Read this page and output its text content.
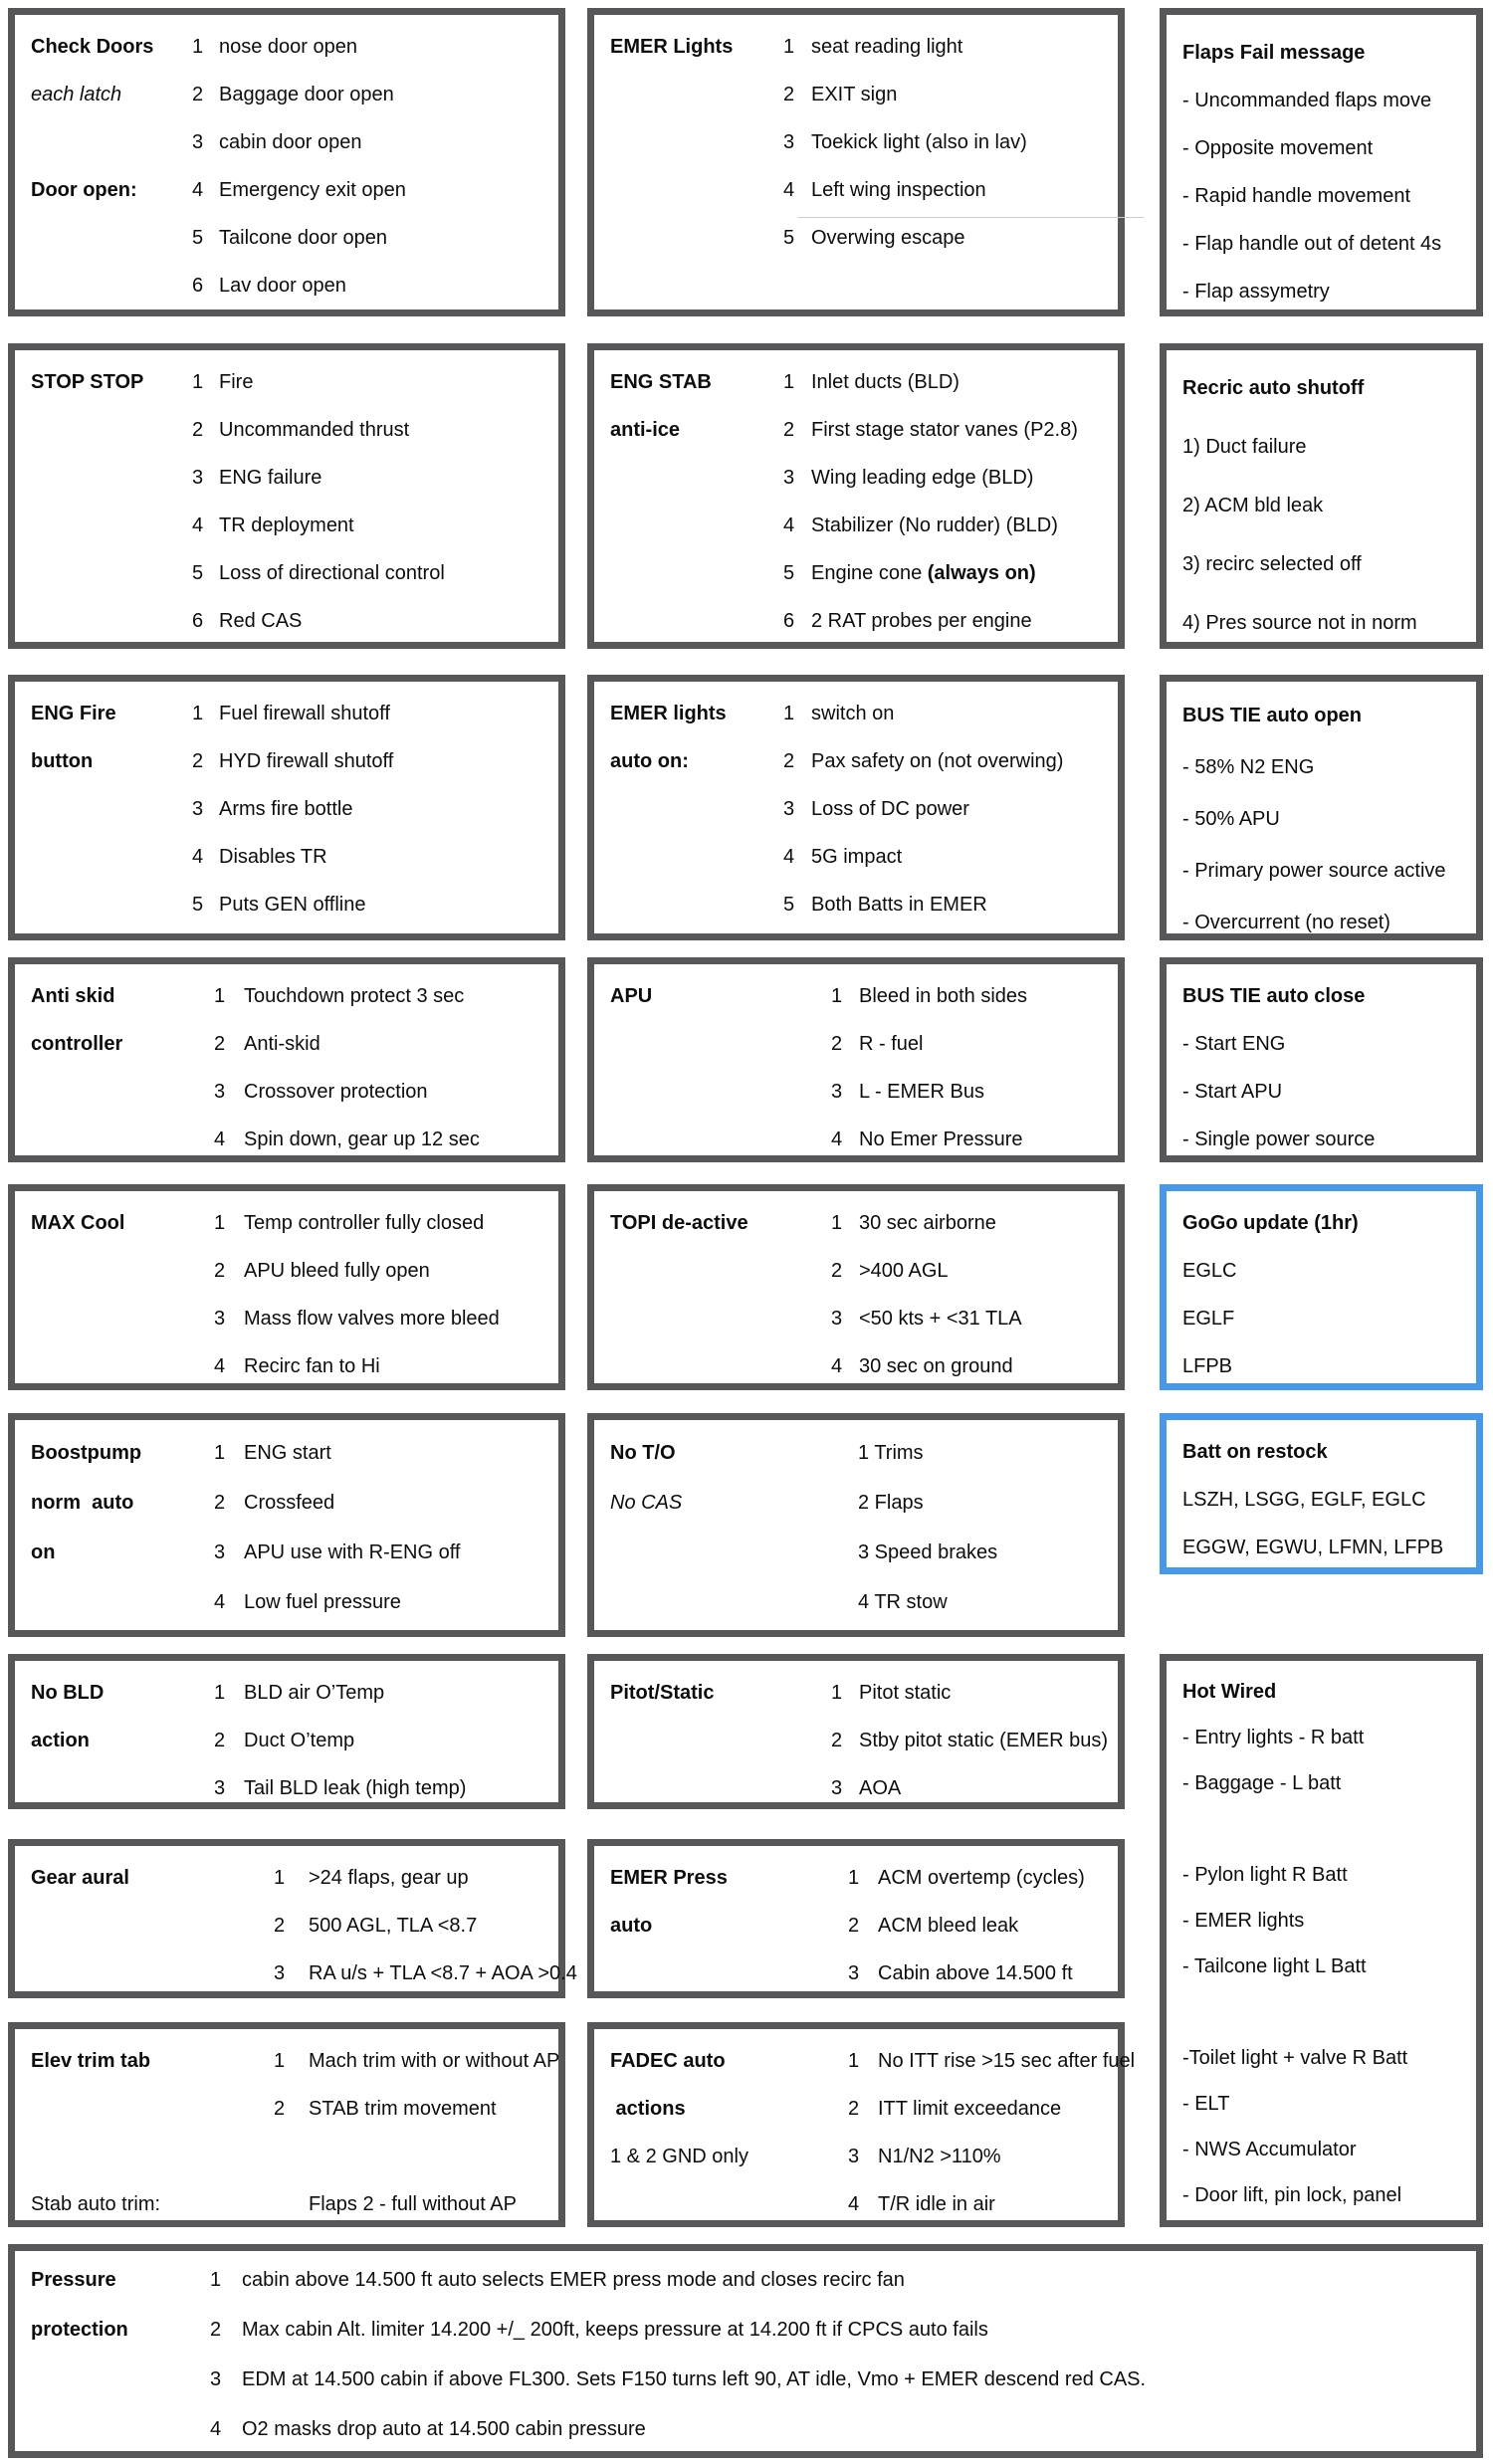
Check Doors 1 nose door open
each latch	2 Baggage door open
3 cabin door open
Door open:	4 Emergency exit open
5 Tailcone door open
6 Lav door open
STOP STOP 1 Fire
2 Uncommanded thrust
3 ENG failure
4 TR deployment
5 Loss of directional control
6 Red CAS
ENG Fire	1 Fuel firewall shutoff
button	2 HYD firewall shutoff
3 Arms fire bottle
4 Disables TR
5 Puts GEN offline
Anti skid	1 Touchdown protect 3 sec
controller	2 Anti-skid
3 Crossover protection
4 Spin down, gear up 12 sec
MAX Cool	1 Temp controller fully closed
2 APU bleed fully open
3 Mass flow valves more bleed
4 Recirc fan to Hi
Boostpump	1 ENG start
norm  auto	2 Crossfeed
on	3 APU use with R-ENG off
4 Low fuel pressure
No BLD	1 BLD air O’Temp
action	2 Duct O’temp
3 Tail BLD leak (high temp)
Gear aural	1 >24 flaps, gear up
2 500 AGL, TLA <8.7
3 RA u/s + TLA <8.7 + AOA >0.4
Elev trim tab	1 Mach trim with or without AP
2 STAB trim movement
Stab auto trim:	Flaps 2 - full without AP
EMER Lights	1 seat reading light
2 EXIT sign
3 Toekick light (also in lav)
4 Left wing inspection
5 Overwing escape
ENG STAB	1 Inlet ducts (BLD)
anti-ice	2 First stage stator vanes (P2.8)
3 Wing leading edge (BLD)
4 Stabilizer (No rudder) (BLD)
5 Engine cone (always on)
6 2 RAT probes per engine
EMER lights	1 switch on
auto on:	2 Pax safety on (not overwing)
3 Loss of DC power
4 5G impact
5 Both Batts in EMER
APU	1 Bleed in both sides
2 R - fuel
3 L - EMER Bus
4 No Emer Pressure
TOPI de-active	1 30 sec airborne
2 >400 AGL
3 <50 kts + <31 TLA
4 30 sec on ground
No T/O	1 Trims
No CAS	2 Flaps
3 Speed brakes
4 TR stow
Pitot/Static	1 Pitot static
2 Stby pitot static (EMER bus)
3 AOA
EMER Press	1 ACM overtemp (cycles)
auto	2 ACM bleed leak
3 Cabin above 14.500 ft
FADEC auto	1 No ITT rise >15 sec after fuel
actions	2 ITT limit exceedance
1 & 2 GND only	3 N1/N2 >110%
4 T/R idle in air
Flaps Fail message
- Uncommanded flaps move
- Opposite movement
- Rapid handle movement
- Flap handle out of detent 4s
- Flap assymetry
Recric auto shutoff
1) Duct failure
2) ACM bld leak
3) recirc selected off
4) Pres source not in norm
BUS TIE auto open
- 58% N2 ENG
- 50% APU
- Primary power source active
- Overcurrent (no reset)
BUS TIE auto close
- Start ENG
- Start APU
- Single power source
GoGo update (1hr)
EGLC
EGLF
LFPB
Batt on restock
LSZH, LSGG, EGLF, EGLC
EGGW, EGWU, LFMN, LFPB
Hot Wired
- Entry lights - R batt
- Baggage - L batt
- Pylon light R Batt
- EMER lights
- Tailcone light L Batt
-Toilet light + valve R Batt
- ELT
- NWS Accumulator
- Door lift, pin lock, panel
Pressure	1 cabin above 14.500 ft auto selects EMER press mode and closes recirc fan
protection	2 Max cabin Alt. limiter 14.200 +/_ 200ft, keeps pressure at 14.200 ft if CPCS auto fails
3 EDM at 14.500 cabin if above FL300. Sets F150 turns left 90, AT idle, Vmo + EMER descend red CAS.
4 O2 masks drop auto at 14.500 cabin pressure
